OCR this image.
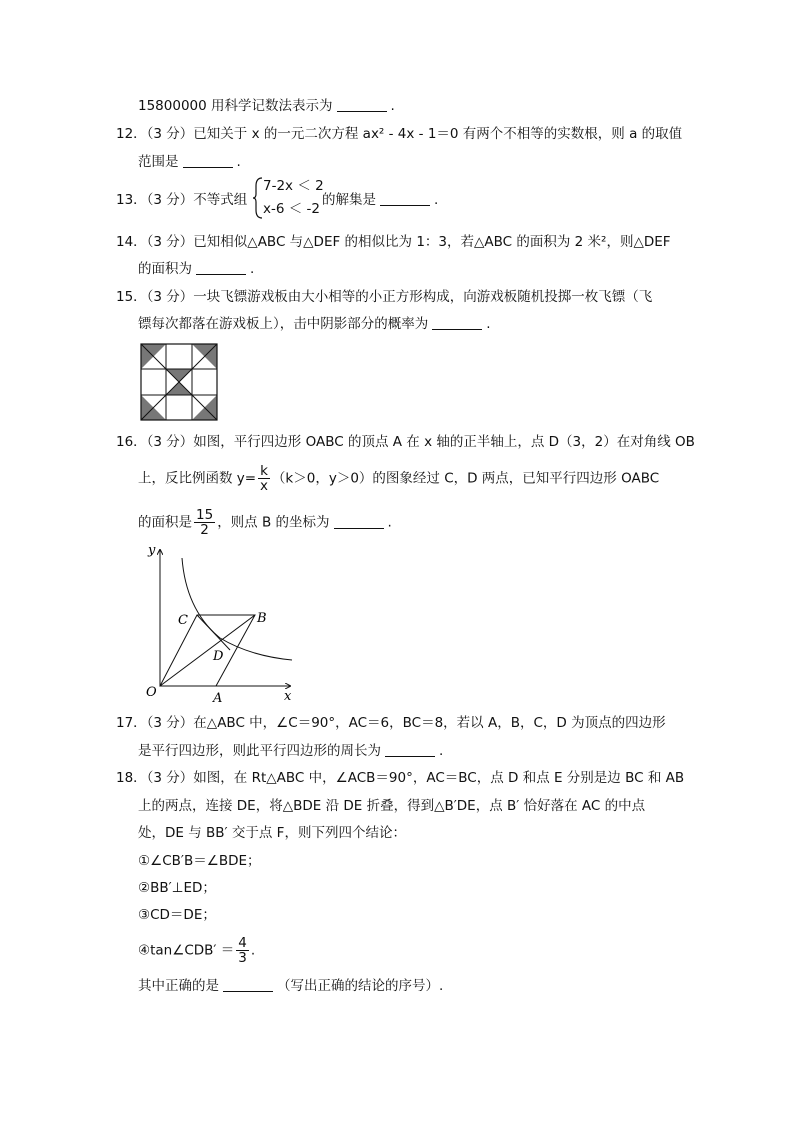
15800000 用科学记数法表示为	.
12．（3 分）已知关于 x 的一元二次方程 ax² - 4x - 1＝0 有两个不相等的实数根，则 a 的取值
范围是	.
13．（3 分）不等式组
7-2x ＜ 2
x-6 ＜ -2
的解集是	.
14．（3 分）已知相似△ABC 与△DEF 的相似比为 1：3，若△ABC 的面积为 2 米²，则△DEF
的面积为	.
15．（3 分）一块飞镖游戏板由大小相等的小正方形构成，向游戏板随机投掷一枚飞镖（飞
镖每次都落在游戏板上），击中阴影部分的概率为	.
16．（3 分）如图，平行四边形 OABC 的顶点 A 在 x 轴的正半轴上，点 D（3，2）在对角线 OB
上，反比例函数 $y= \frac{k}{x} (k>0$，y＞0）的图象经过 C，D 两点，已知平行四边形 OABC
的面积是 $\frac{15}{2}$ ，则点 B 的坐标为	.
y
x
O	A
B
C
D
17．（3 分）在△ABC 中，∠C＝90°，AC＝6，BC＝8，若以 A，B，C，D 为顶点的四边形
是平行四边形，则此平行四边形的周长为	.
18．（3 分）如图，在 Rt△ABC 中，∠ACB＝90°，AC＝BC，点 D 和点 E 分别是边 BC 和 AB
上的两点，连接 DE，将△BDE 沿 DE 折叠，得到△B′DE，点 B′ 恰好落在 AC 的中点
处，DE 与 BB′ 交于点 F，则下列四个结论：
①∠CB′B＝∠BDE；
②BB′⊥ED；
③CD＝DE；
④tan∠CDB′ ＝ $\frac{4}{3}$ .
其中正确的是	（写出正确的结论的序号）.
